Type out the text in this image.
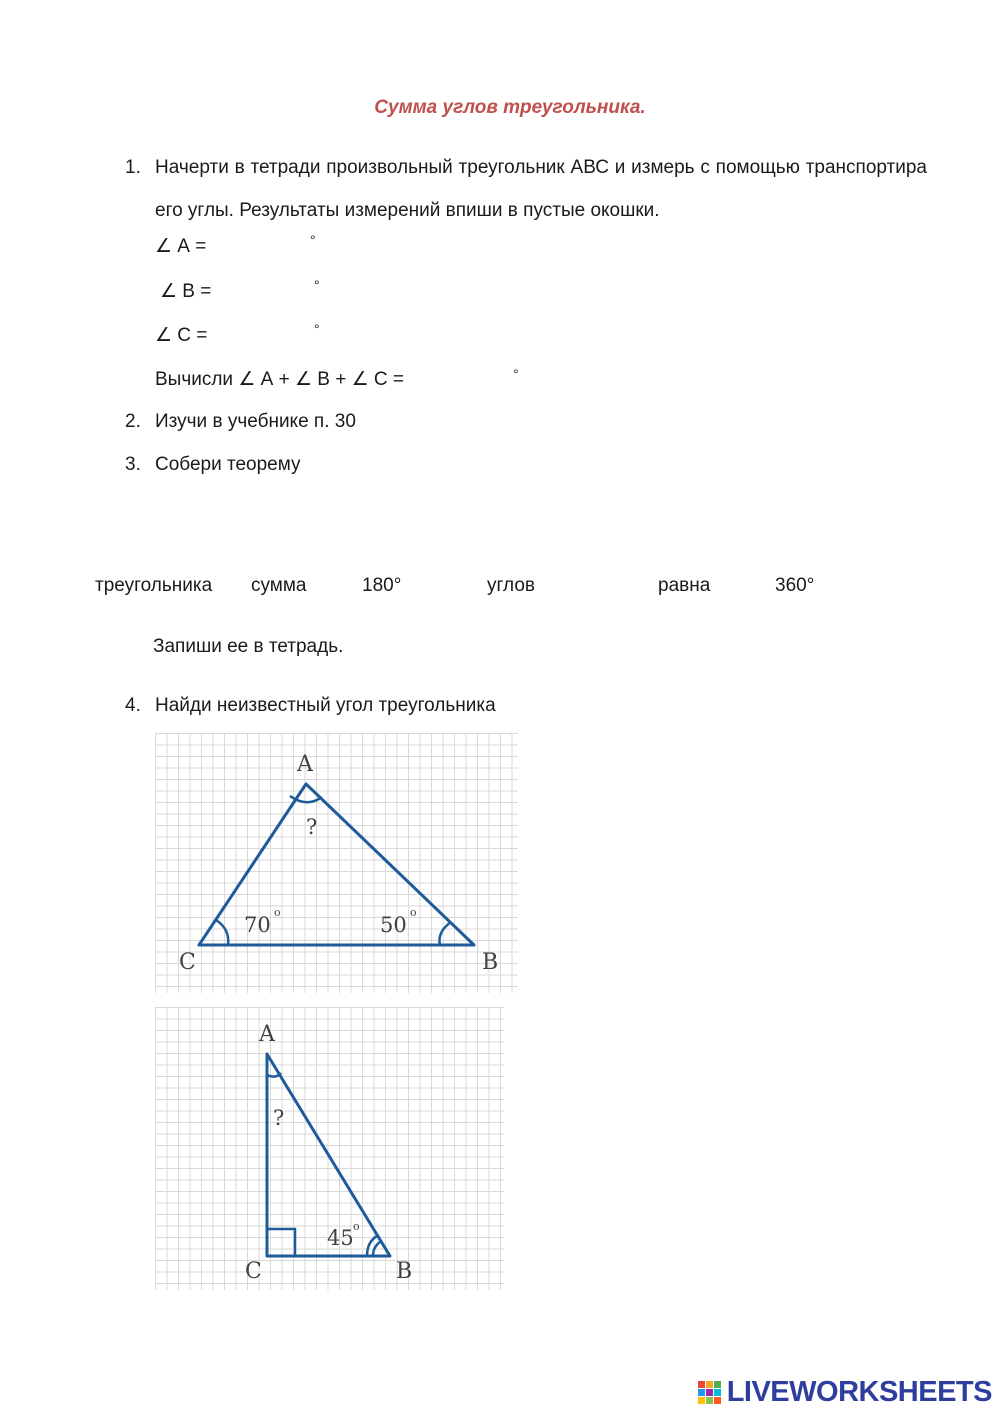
Сумма углов треугольника.
1. Начерти в тетради произвольный треугольник АВС и измерь с помощью транспортира его углы. Результаты измерений впиши в пустые окошки.
∠ А =	°
∠ В =	°
∠ С =	°
Вычисли ∠ А + ∠ В + ∠ С =	°
2. Изучи в учебнике п. 30
3. Собери теорему
треугольника сумма	180°	углов	равна	360°
Запиши ее в тетрадь.
4. Найди неизвестный угол треугольника
A
C	B
?
70
o
50
o
A
C	B
?
45 o
LIVEWORKSHEETS
